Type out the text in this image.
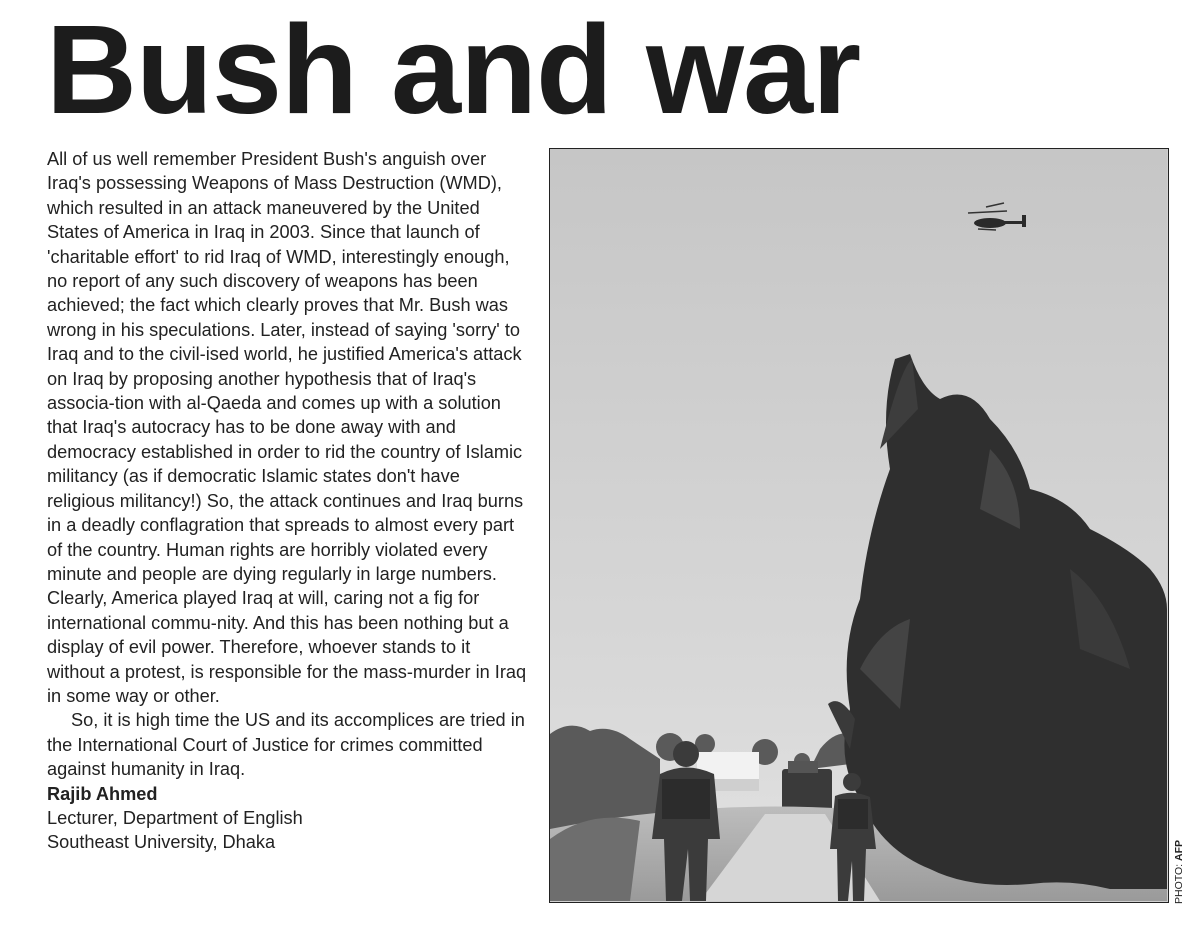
Bush and war

All of us well remember President Bush's anguish over Iraq's possessing Weapons of Mass Destruction (WMD), which resulted in an attack maneuvered by the United States of America in Iraq in 2003. Since that launch of 'charitable effort' to rid Iraq of WMD, interestingly enough, no report of any such discovery of weapons has been achieved; the fact which clearly proves that Mr. Bush was wrong in his speculations. Later, instead of saying 'sorry' to Iraq and to the civil-ised world, he justified America's attack on Iraq by proposing another hypothesis that of Iraq's associa-tion with al-Qaeda and comes up with a solution that Iraq's autocracy has to be done away with and democracy established in order to rid the country of Islamic militancy (as if democratic Islamic states don't have religious militancy!) So, the attack continues and Iraq burns in a deadly conflagration that spreads to almost every part of the country. Human rights are horribly violated every minute and people are dying regularly in large numbers. Clearly, America played Iraq at will, caring not a fig for international commu-nity. And this has been nothing but a display of evil power. Therefore, whoever stands to it without a protest, is responsible for the mass-murder in Iraq in some way or other.

So, it is high time the US and its accomplices are tried in the International Court of Justice for crimes committed against humanity in Iraq.

Rajib Ahmed

Lecturer, Department of English

Southeast University, Dhaka

PHOTO: AFP
